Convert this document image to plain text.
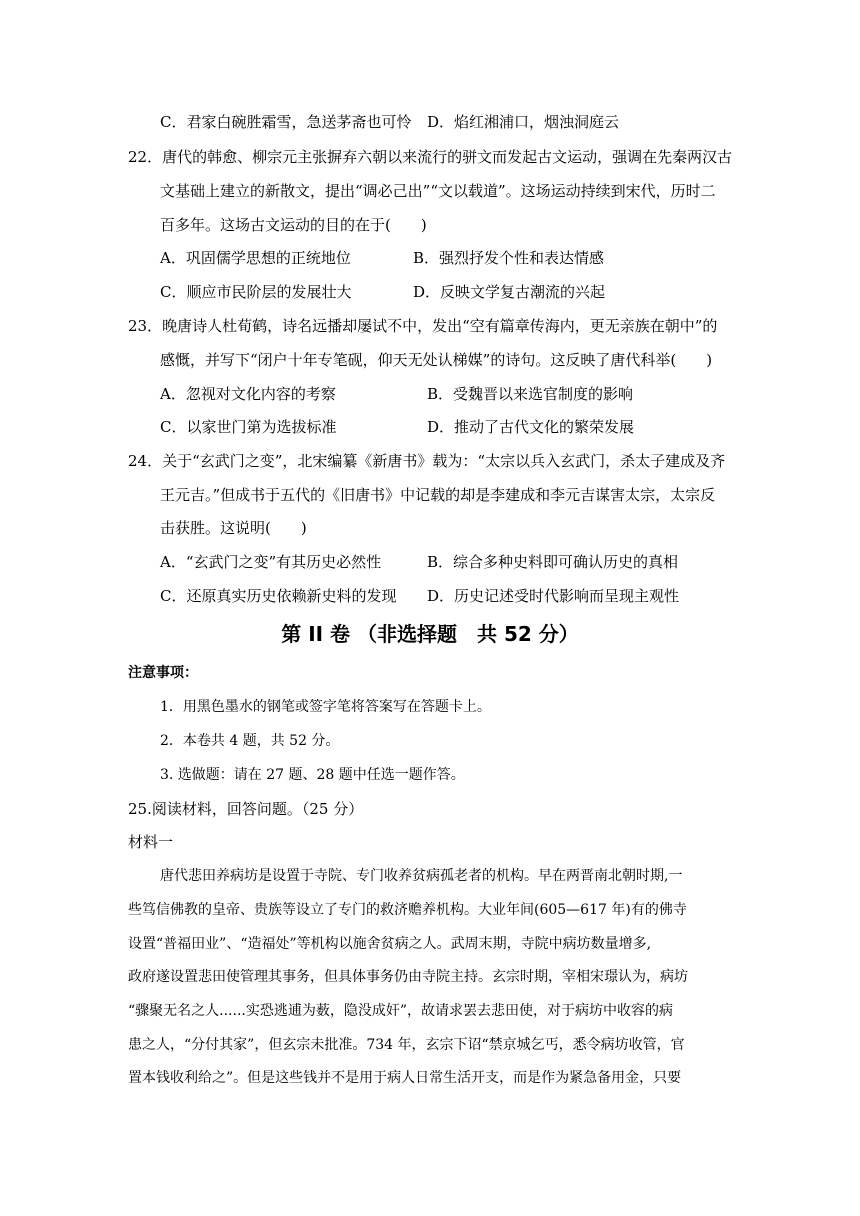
C．君家白碗胜霜雪，急送茅斋也可怜 D．焰红湘浦口，烟浊洞庭云
22．唐代的韩愈、柳宗元主张摒弃六朝以来流行的骈文而发起古文运动，强调在先秦两汉古
文基础上建立的新散文，提出“调必己出”“文以载道”。这场运动持续到宋代，历时二
百多年。这场古文运动的目的在于(　　)
A．巩固儒学思想的正统地位	B．强烈抒发个性和表达情感
C．顺应市民阶层的发展壮大	D．反映文学复古潮流的兴起
23．晚唐诗人杜荀鹤，诗名远播却屡试不中，发出“空有篇章传海内，更无亲族在朝中”的
感慨，并写下“闭户十年专笔砚，仰天无处认梯媒”的诗句。这反映了唐代科举(　　)
A．忽视对文化内容的考察	B．受魏晋以来选官制度的影响
C．以家世门第为选拔标准	D．推动了古代文化的繁荣发展
24．关于“玄武门之变”，北宋编纂《新唐书》载为：“太宗以兵入玄武门，杀太子建成及齐
王元吉。”但成书于五代的《旧唐书》中记载的却是李建成和李元吉谋害太宗，太宗反
击获胜。这说明(　　)
A．“玄武门之变”有其历史必然性	B．综合多种史料即可确认历史的真相
C．还原真实历史依赖新史料的发现 D．历史记述受时代影响而呈现主观性
第 II 卷 （非选择题　共 52 分）
注意事项：
1．用黑色墨水的钢笔或签字笔将答案写在答题卡上。
2．本卷共 4 题，共 52 分。
3. 选做题：请在 27 题、28 题中任选一题作答。
25.阅读材料，回答问题。（25 分）
材料一
唐代悲田养病坊是设置于寺院、专门收养贫病孤老者的机构。早在两晋南北朝时期,一
些笃信佛教的皇帝、贵族等设立了专门的救济赡养机构。大业年间(605—617 年)有的佛寺
设置“普福田业”、“造福处”等机构以施舍贫病之人。武周末期，寺院中病坊数量增多,
政府遂设置悲田使管理其事务，但具体事务仍由寺院主持。玄宗时期，宰相宋璟认为，病坊
“骤聚无名之人......实恐逃逋为薮，隐没成奸”，故请求罢去悲田使，对于病坊中收容的病
患之人，“分付其家”，但玄宗未批准。734 年，玄宗下诏“禁京城乞丐，悉令病坊收管，官
置本钱收利给之”。但是这些钱并不是用于病人日常生活开支，而是作为紧急备用金，只要
